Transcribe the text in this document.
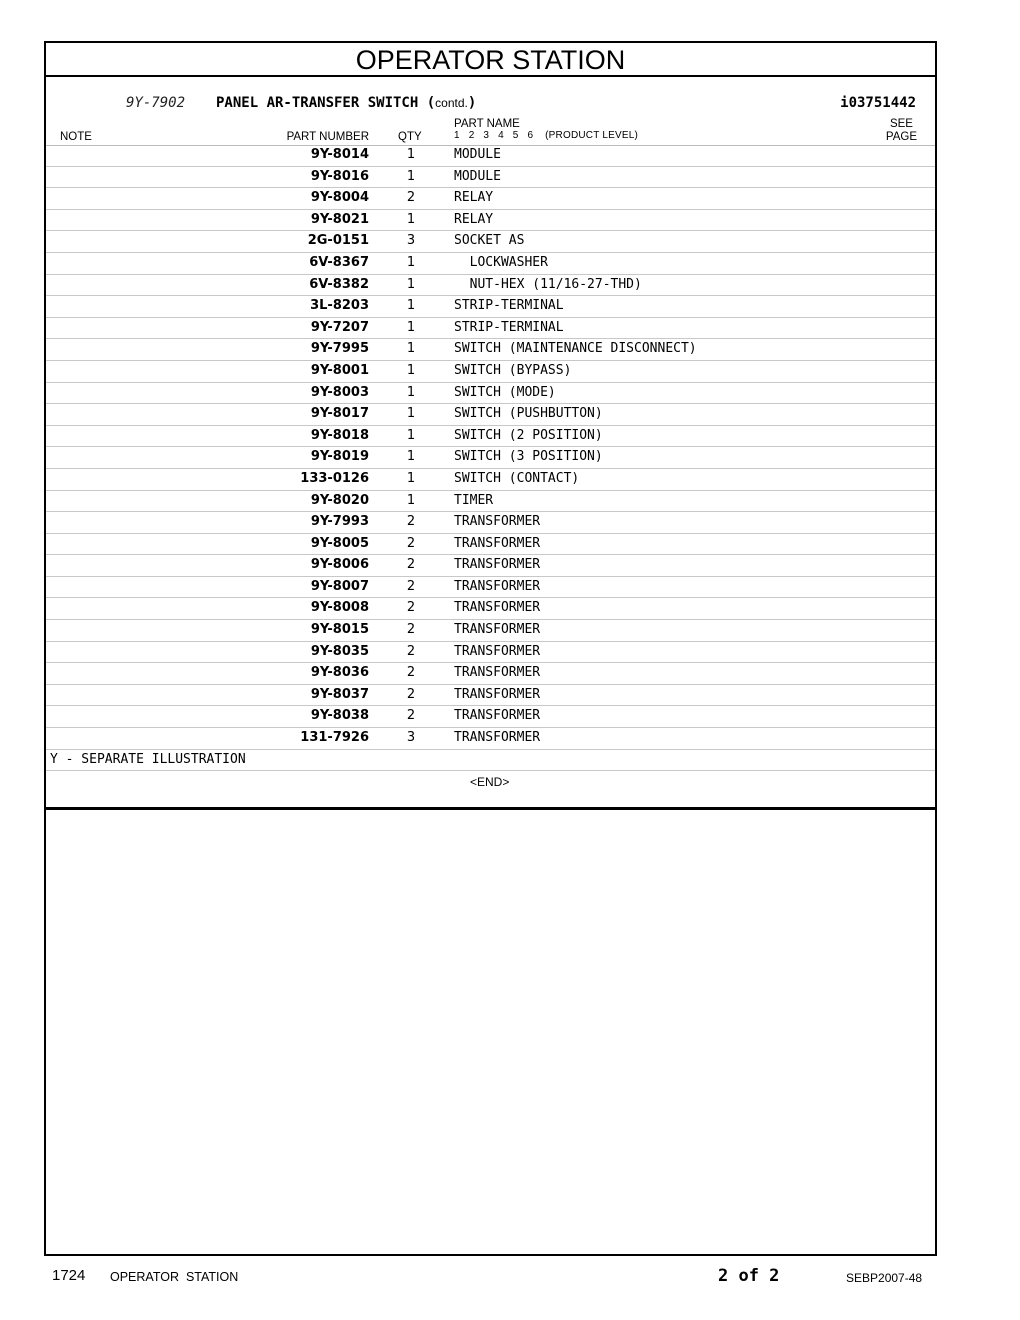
OPERATOR STATION
9Y-7902 PANEL AR-TRANSFER SWITCH (contd.)	i03751442
NOTE	PART NUMBER	QTY
PART NAME
1   2   3   4   5   6    (PRODUCT LEVEL)
SEE
PAGE
9Y-8014	1	MODULE
9Y-8016	1	MODULE
9Y-8004	2	RELAY
9Y-8021	1	RELAY
2G-0151	3	SOCKET AS
6V-8367	1	LOCKWASHER
6V-8382	1	NUT-HEX (11/16-27-THD)
3L-8203	1	STRIP-TERMINAL
9Y-7207	1	STRIP-TERMINAL
9Y-7995	1	SWITCH (MAINTENANCE DISCONNECT)
9Y-8001	1	SWITCH (BYPASS)
9Y-8003	1	SWITCH (MODE)
9Y-8017	1	SWITCH (PUSHBUTTON)
9Y-8018	1	SWITCH (2 POSITION)
9Y-8019	1	SWITCH (3 POSITION)
133-0126	1	SWITCH (CONTACT)
9Y-8020	1	TIMER
9Y-7993	2	TRANSFORMER
9Y-8005	2	TRANSFORMER
9Y-8006	2	TRANSFORMER
9Y-8007	2	TRANSFORMER
9Y-8008	2	TRANSFORMER
9Y-8015	2	TRANSFORMER
9Y-8035	2	TRANSFORMER
9Y-8036	2	TRANSFORMER
9Y-8037	2	TRANSFORMER
9Y-8038	2	TRANSFORMER
131-7926	3	TRANSFORMER
Y - SEPARATE ILLUSTRATION
<END>
1724 OPERATOR  STATION	2 of 2	SEBP2007-48
